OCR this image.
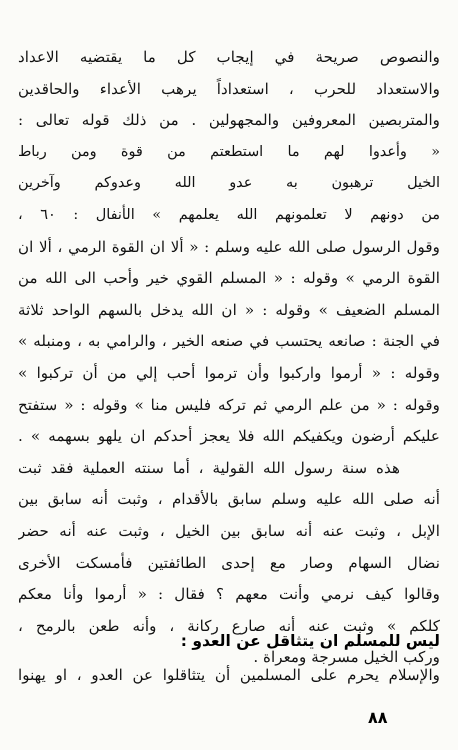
والنصوص صريحة في إيجاب كل ما يقتضيه الاعداد
والاستعداد للحرب ، استعداداً يرهب الأعداء والحاقدين
والمتربصين المعروفين والمجهولين . من ذلك قوله تعالى :
« وأعدوا لهم ما استطعتم من قوة ومن رباط
الخيل ترهبون به عدو الله وعدوكم وآخرين
من دونهم لا تعلمونهم الله يعلمهم » الأنفال : ٦٠ ،
وقول الرسول صلى الله عليه وسلم : « ألا ان القوة الرمي ، ألا ان
القوة الرمي » وقوله : « المسلم القوي خير وأحب الى الله من
المسلم الضعيف » وقوله : « ان الله يدخل بالسهم الواحد ثلاثة
في الجنة : صانعه يحتسب في صنعه الخير ، والرامي به ، ومنبله »
وقوله : « أرموا واركبوا وأن ترموا أحب إلي من أن تركبوا »
وقوله : « من علم الرمي ثم تركه فليس منا » وقوله : « ستفتح
عليكم أرضون ويكفيكم الله فلا يعجز أحدكم ان يلهو بسهمه » .
هذه سنة رسول الله القولية ، أما سنته العملية فقد ثبت
أنه صلى الله عليه وسلم سابق بالأقدام ، وثبت أنه سابق بين
الإبل ، وثبت عنه أنه سابق بين الخيل ، وثبت عنه أنه حضر
نضال السهام وصار مع إحدى الطائفتين فأمسكت الأخرى
وقالوا كيف نرمي وأنت معهم ؟ فقال : « أرموا وأنا معكم
كلكم » وثبت عنه أنه صارع ركانة ، وأنه طعن بالرمح ،
وركب الخيل مسرجة ومعراة .
ليس للمسلم ان يتثاقل عن العدو :
والإسلام يحرم على المسلمين أن يتثاقلوا عن العدو ، او يهنوا
٨٨
